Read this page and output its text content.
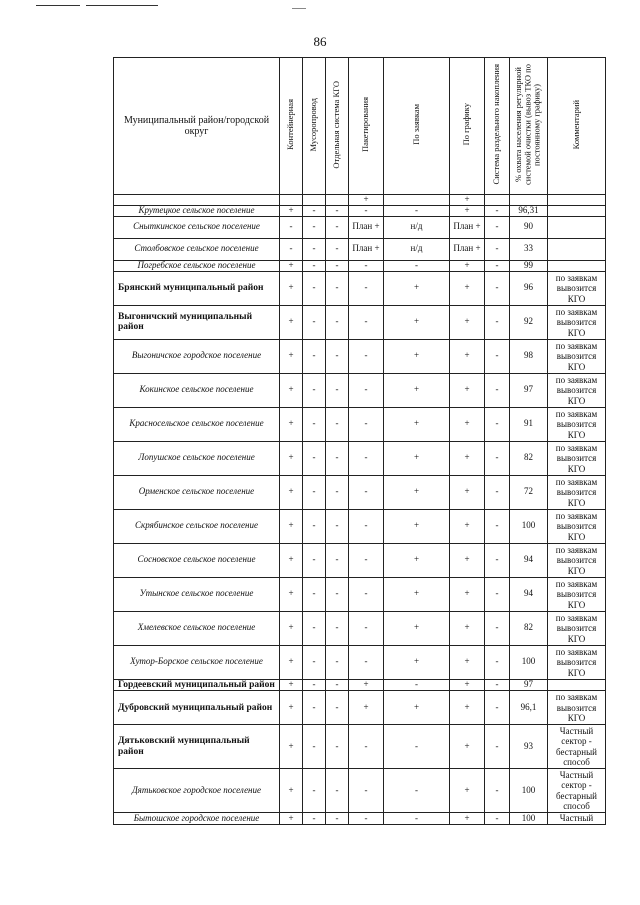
86
Муниципальный район/городской округ	Контейнерная	Мусоропровод	Отдельная система КГО	Пакетирования	По заявкам	По графику	Система раздельного накопления	% охвата населения регулярной системой очистки (вывоз ТКО по постоянному графику)	Комментарий
				+		+			
Крутецкое сельское поселение	+	-	-	-	-	+	-	96,31	
Сныткинское сельское поселение	-	-	-	План +	н/д	План +	-	90	
Столбовское сельское поселение	-	-	-	План +	н/д	План +	-	33	
Погребское сельское поселение	+	-	-	-	-	+	-	99	
Брянский муниципальный район	+	-	-	-	+	+	-	96	по заявкам вывозится КГО
Выгоничский муниципальный район	+	-	-	-	+	+	-	92	по заявкам вывозится КГО
Выгоничское городское поселение	+	-	-	-	+	+	-	98	по заявкам вывозится КГО
Кокинское сельское поселение	+	-	-	-	+	+	-	97	по заявкам вывозится КГО
Красносельское сельское поселение	+	-	-	-	+	+	-	91	по заявкам вывозится КГО
Лопушское сельское поселение	+	-	-	-	+	+	-	82	по заявкам вывозится КГО
Орменское сельское поселение	+	-	-	-	+	+	-	72	по заявкам вывозится КГО
Скрябинское сельское поселение	+	-	-	-	+	+	-	100	по заявкам вывозится КГО
Сосновское сельское поселение	+	-	-	-	+	+	-	94	по заявкам вывозится КГО
Утынское сельское поселение	+	-	-	-	+	+	-	94	по заявкам вывозится КГО
Хмелевское сельское поселение	+	-	-	-	+	+	-	82	по заявкам вывозится КГО
Хутор-Борское сельское поселение	+	-	-	-	+	+	-	100	по заявкам вывозится КГО
Гордеевский муниципальный район	+	-	-	+	-	+	-	97	
Дубровский муниципальный район	+	-	-	+	+	+	-	96,1	по заявкам вывозится КГО
Дятьковский муниципальный район	+	-	-	-	-	+	-	93	Частный сектор - бестарный способ
Дятьковское городское поселение	+	-	-	-	-	+	-	100	Частный сектор - бестарный способ
Бытошское городское поселение	+	-	-	-	-	+	-	100	Частный
